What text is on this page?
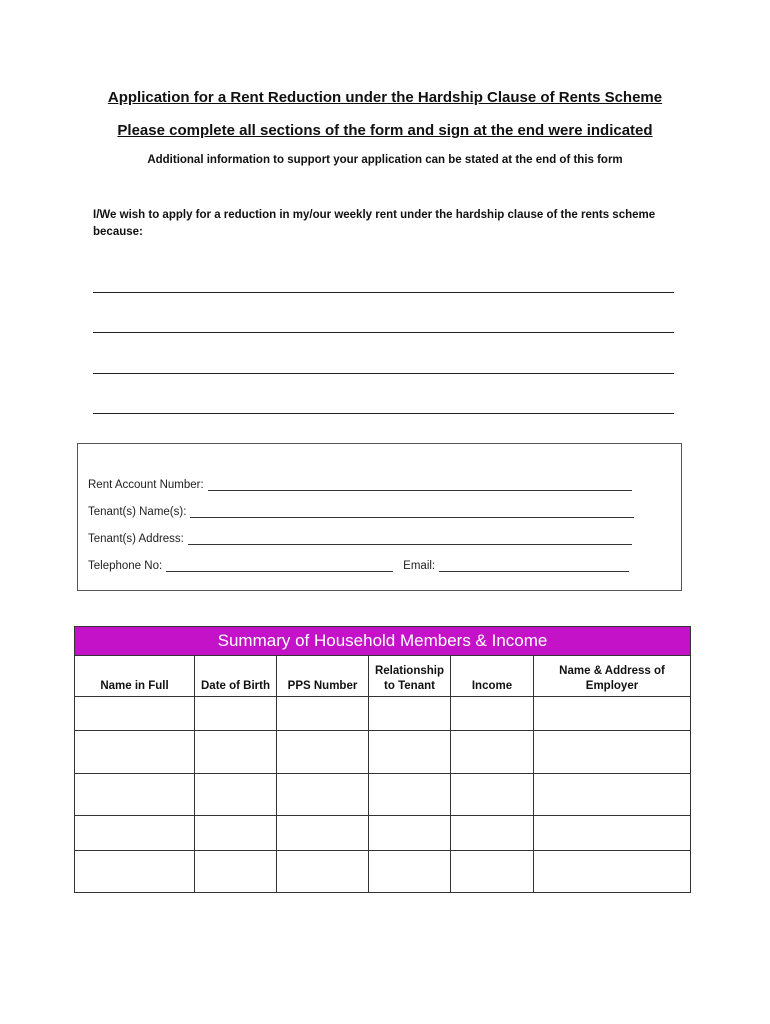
Application for a Rent Reduction under the Hardship Clause of Rents Scheme
Please complete all sections of the form and sign at the end were indicated
Additional information to support your application can be stated at the end of this form
I/We wish to apply for a reduction in my/our weekly rent under the hardship clause of the rents scheme because:
Rent Account Number:
Tenant(s) Name(s):
Tenant(s) Address:
Telephone No:	Email:
Summary of Household Members & Income					
Name in Full	Date of Birth	PPS Number	Relationship to Tenant	Income	Name & Address of Employer
